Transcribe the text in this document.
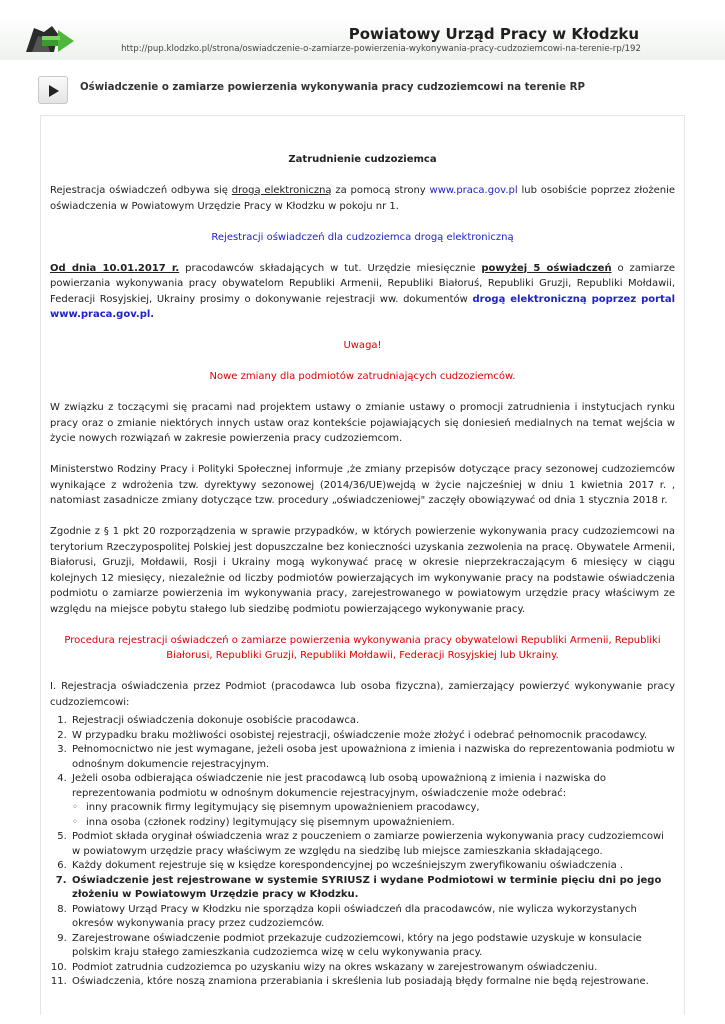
Powiatowy Urząd Pracy w Kłodzku
http://pup.klodzko.pl/strona/oswiadczenie-o-zamiarze-powierzenia-wykonywania-pracy-cudzoziemcowi-na-terenie-rp/192
Oświadczenie o zamiarze powierzenia wykonywania pracy cudzoziemcowi na terenie RP

Zatrudnienie cudzoziemca

Rejestracja oświadczeń odbywa się drogą elektroniczną za pomocą strony www.praca.gov.pl lub osobiście poprzez złożenie oświadczenia w Powiatowym Urzędzie Pracy w Kłodzku w pokoju nr 1.

Rejestracji oświadczeń dla cudzoziemca drogą elektroniczną

Od dnia 10.01.2017 r. pracodawców składających w tut. Urzędzie miesięcznie powyżej 5 oświadczeń o zamiarze powierzania wykonywania pracy obywatelom Republiki Armenii, Republiki Białoruś, Republiki Gruzji, Republiki Mołdawii, Federacji Rosyjskiej, Ukrainy prosimy o dokonywanie rejestracji ww. dokumentów drogą elektroniczną poprzez portal www.praca.gov.pl.

Uwaga!

Nowe zmiany dla podmiotów zatrudniających cudzoziemców.

W związku z toczącymi się pracami nad projektem ustawy o zmianie ustawy o promocji zatrudnienia i instytucjach rynku pracy oraz o zmianie niektórych innych ustaw oraz kontekście pojawiających się doniesień medialnych na temat wejścia w życie nowych rozwiązań w zakresie powierzenia pracy cudzoziemcom.

Ministerstwo Rodziny Pracy i Polityki Społecznej informuje ,że zmiany przepisów dotyczące pracy sezonowej cudzoziemców wynikające z wdrożenia tzw. dyrektywy sezonowej (2014/36/UE)wejdą w życie najcześniej w dniu 1 kwietnia 2017 r. , natomiast zasadnicze zmiany dotyczące tzw. procedury „oświadczeniowej" zaczęły obowiązywać od dnia 1 stycznia 2018 r.

Zgodnie z § 1 pkt 20 rozporządzenia w sprawie przypadków, w których powierzenie wykonywania pracy cudzoziemcowi na terytorium Rzeczypospolitej Polskiej jest dopuszczalne bez konieczności uzyskania zezwolenia na pracę. Obywatele Armenii, Białorusi, Gruzji, Mołdawii, Rosji i Ukrainy mogą wykonywać pracę w okresie nieprzekraczającym 6 miesięcy w ciągu kolejnych 12 miesięcy, niezależnie od liczby podmiotów powierzających im wykonywanie pracy na podstawie oświadczenia podmiotu o zamiarze powierzenia im wykonywania pracy, zarejestrowanego w powiatowym urzędzie pracy właściwym ze względu na miejsce pobytu stałego lub siedzibę podmiotu powierzającego wykonywanie pracy.

Procedura rejestracji oświadczeń o zamiarze powierzenia wykonywania pracy obywatelowi Republiki Armenii, Republiki Białorusi, Republiki Gruzji, Republiki Mołdawii, Federacji Rosyjskiej lub Ukrainy.

I. Rejestracja oświadczenia przez Podmiot (pracodawca lub osoba fizyczna), zamierzający powierzyć wykonywanie pracy cudzoziemcowi:

1. Rejestracji oświadczenia dokonuje osobiście pracodawca.
2. W przypadku braku możliwości osobistej rejestracji, oświadczenie może złożyć i odebrać pełnomocnik pracodawcy.
3. Pełnomocnictwo nie jest wymagane, jeżeli osoba jest upoważniona z imienia i nazwiska do reprezentowania podmiotu w odnośnym dokumencie rejestracyjnym.
4. Jeżeli osoba odbierająca oświadczenie nie jest pracodawcą lub osobą upoważnioną z imienia i nazwiska do reprezentowania podmiotu w odnośnym dokumencie rejestracyjnym, oświadczenie może odebrać:
◦ inny pracownik firmy legitymujący się pisemnym upoważnieniem pracodawcy,
◦ inna osoba (członek rodziny) legitymujący się pisemnym upoważnieniem.
5. Podmiot składa oryginał oświadczenia wraz z pouczeniem o zamiarze powierzenia wykonywania pracy cudzoziemcowi w powiatowym urzędzie pracy właściwym ze względu na siedzibę lub miejsce zamieszkania składającego.
6. Każdy dokument rejestruje się w księdze korespondencyjnej po wcześniejszym zweryfikowaniu oświadczenia .
7. Oświadczenie jest rejestrowane w systemie SYRIUSZ i wydane Podmiotowi w terminie pięciu dni po jego złożeniu w Powiatowym Urzędzie pracy w Kłodzku.
8. Powiatowy Urząd Pracy w Kłodzku nie sporządza kopii oświadczeń dla pracodawców, nie wylicza wykorzystanych okresów wykonywania pracy przez cudzoziemców.
9. Zarejestrowane oświadczenie podmiot przekazuje cudzoziemcowi, który na jego podstawie uzyskuje w konsulacie polskim kraju stałego zamieszkania cudzoziemca wizę w celu wykonywania pracy.
10. Podmiot zatrudnia cudzoziemca po uzyskaniu wizy na okres wskazany w zarejestrowanym oświadczeniu.
11. Oświadczenia, które noszą znamiona przerabiania i skreślenia lub posiadają błędy formalne nie będą rejestrowane.
